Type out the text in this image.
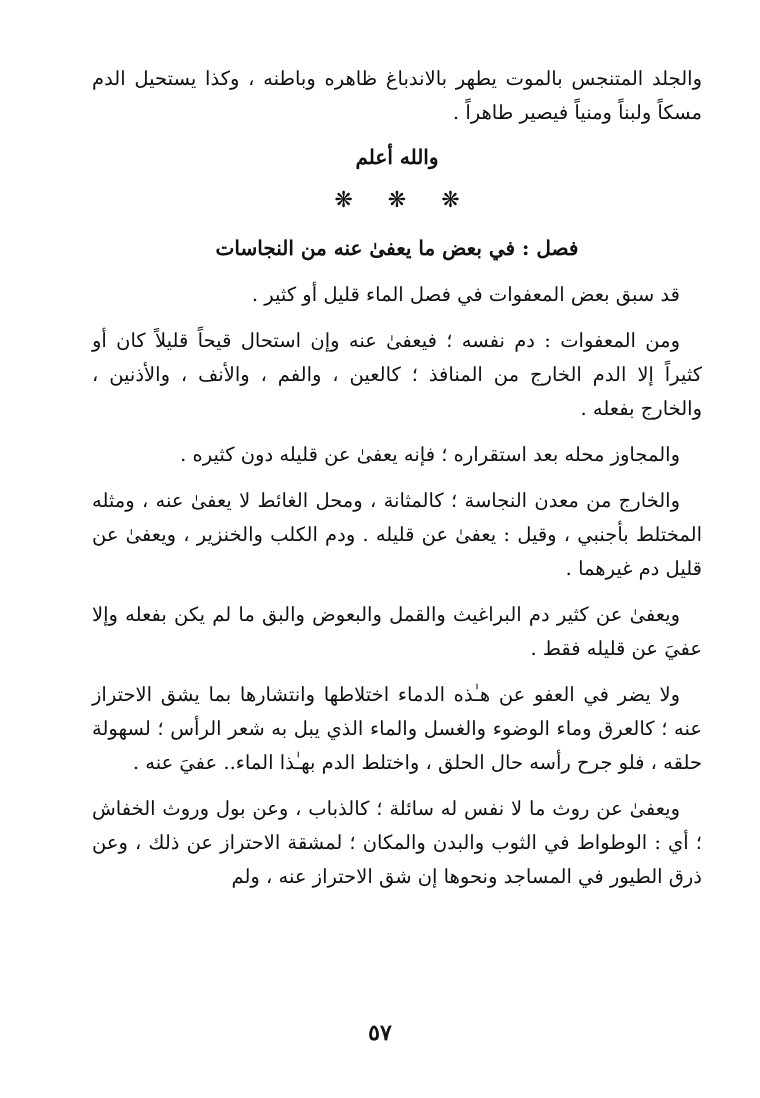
والجلد المتنجس بالموت يطهر بالاندباغ ظاهره وباطنه ، وكذا يستحيل الدم مسكاً ولبناً ومنياً فيصير طاهراً .

والله أعلم

❋ ❋ ❋

فصل : في بعض ما يعفىٰ عنه من النجاسات

قد سبق بعض المعفوات في فصل الماء قليل أو كثير .

ومن المعفوات : دم نفسه ؛ فيعفىٰ عنه وإن استحال قيحاً قليلاً كان أو كثيراً إلا الدم الخارج من المنافذ ؛ كالعين ، والفم ، والأنف ، والأذنين ، والخارج بفعله .

والمجاوز محله بعد استقراره ؛ فإنه يعفىٰ عن قليله دون كثيره .

والخارج من معدن النجاسة ؛ كالمثانة ، ومحل الغائط لا يعفىٰ عنه ، ومثله المختلط بأجنبي ، وقيل : يعفىٰ عن قليله . ودم الكلب والخنزير ، ويعفىٰ عن قليل دم غيرهما .

ويعفىٰ عن كثير دم البراغيث والقمل والبعوض والبق ما لم يكن بفعله وإلا عفيَ عن قليله فقط .

ولا يضر في العفو عن هـٰذه الدماء اختلاطها وانتشارها بما يشق الاحتراز عنه ؛ كالعرق وماء الوضوء والغسل والماء الذي يبل به شعر الرأس ؛ لسهولة حلقه ، فلو جرح رأسه حال الحلق ، واختلط الدم بهـٰذا الماء.. عفيَ عنه .

ويعفىٰ عن روث ما لا نفس له سائلة ؛ كالذباب ، وعن بول وروث الخفاش ؛ أي : الوطواط في الثوب والبدن والمكان ؛ لمشقة الاحتراز عن ذلك ، وعن ذرق الطيور في المساجد ونحوها إن شق الاحتراز عنه ، ولم

٥٧
